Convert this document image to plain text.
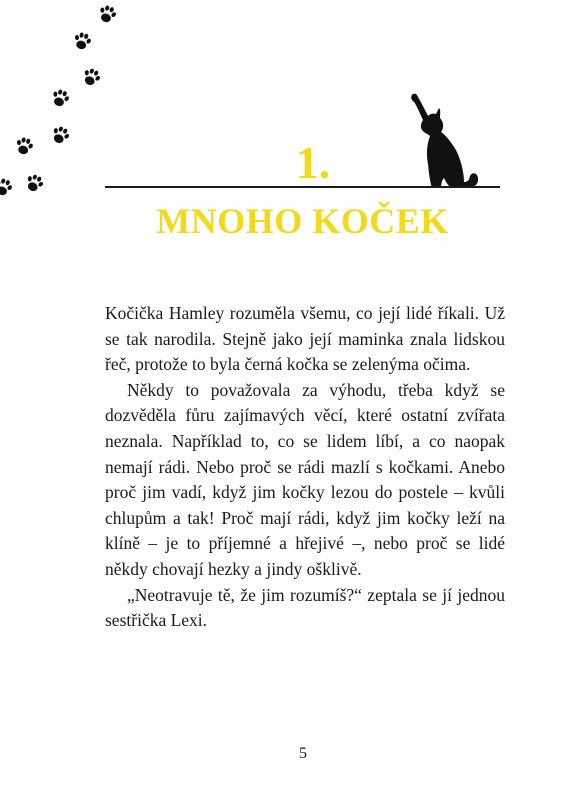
1.
MNOHO KOČEK

Kočička Hamley rozuměla všemu, co její lidé říkali. Už se tak narodila. Stejně jako její maminka znala lidskou řeč, protože to byla černá kočka se zelenýma očima.

Někdy to považovala za výhodu, třeba když se dozvěděla fůru zajímavých věcí, které ostatní zvířata neznala. Například to, co se lidem líbí, a co naopak nemají rádi. Nebo proč se rádi mazlí s kočkami. Anebo proč jim vadí, když jim kočky lezou do postele – kvůli chlupům a tak! Proč mají rádi, když jim kočky leží na klíně – je to příjemné a hřejivé –, nebo proč se lidé někdy chovají hezky a jindy ošklivě.

„Neotravuje tě, že jim rozumíš?“ zeptala se jí jednou sestřička Lexi.

5
